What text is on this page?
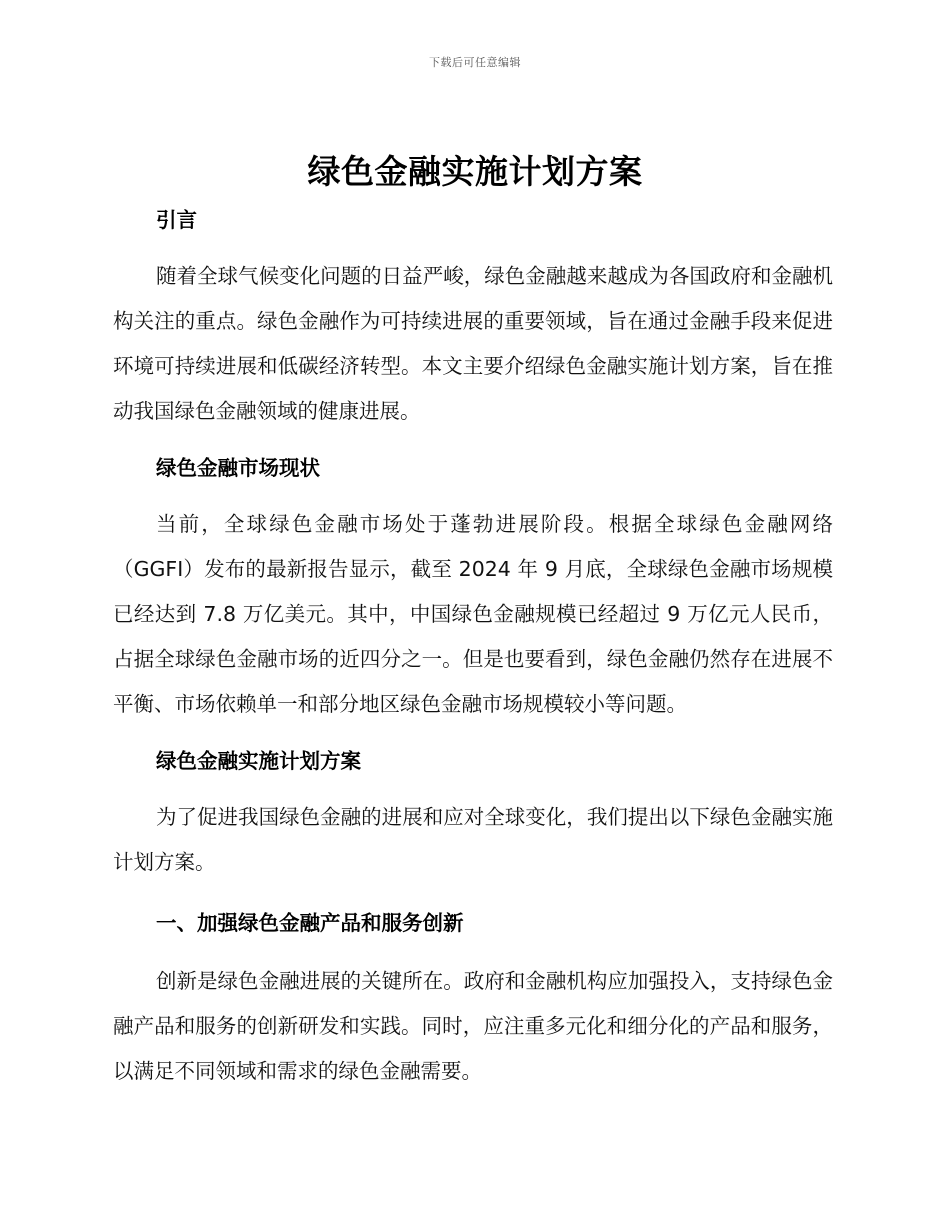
下载后可任意编辑
绿色金融实施计划方案

引言

随着全球气候变化问题的日益严峻，绿色金融越来越成为各国政府和金融机构关注的重点。绿色金融作为可持续进展的重要领域，旨在通过金融手段来促进环境可持续进展和低碳经济转型。本文主要介绍绿色金融实施计划方案，旨在推动我国绿色金融领域的健康进展。

绿色金融市场现状

当前，全球绿色金融市场处于蓬勃进展阶段。根据全球绿色金融网络（GGFI）发布的最新报告显示，截至 2024 年 9 月底，全球绿色金融市场规模已经达到 7.8 万亿美元。其中，中国绿色金融规模已经超过 9 万亿元人民币，占据全球绿色金融市场的近四分之一。但是也要看到，绿色金融仍然存在进展不平衡、市场依赖单一和部分地区绿色金融市场规模较小等问题。

绿色金融实施计划方案

为了促进我国绿色金融的进展和应对全球变化，我们提出以下绿色金融实施计划方案。

一、加强绿色金融产品和服务创新

创新是绿色金融进展的关键所在。政府和金融机构应加强投入，支持绿色金融产品和服务的创新研发和实践。同时，应注重多元化和细分化的产品和服务，以满足不同领域和需求的绿色金融需要。
